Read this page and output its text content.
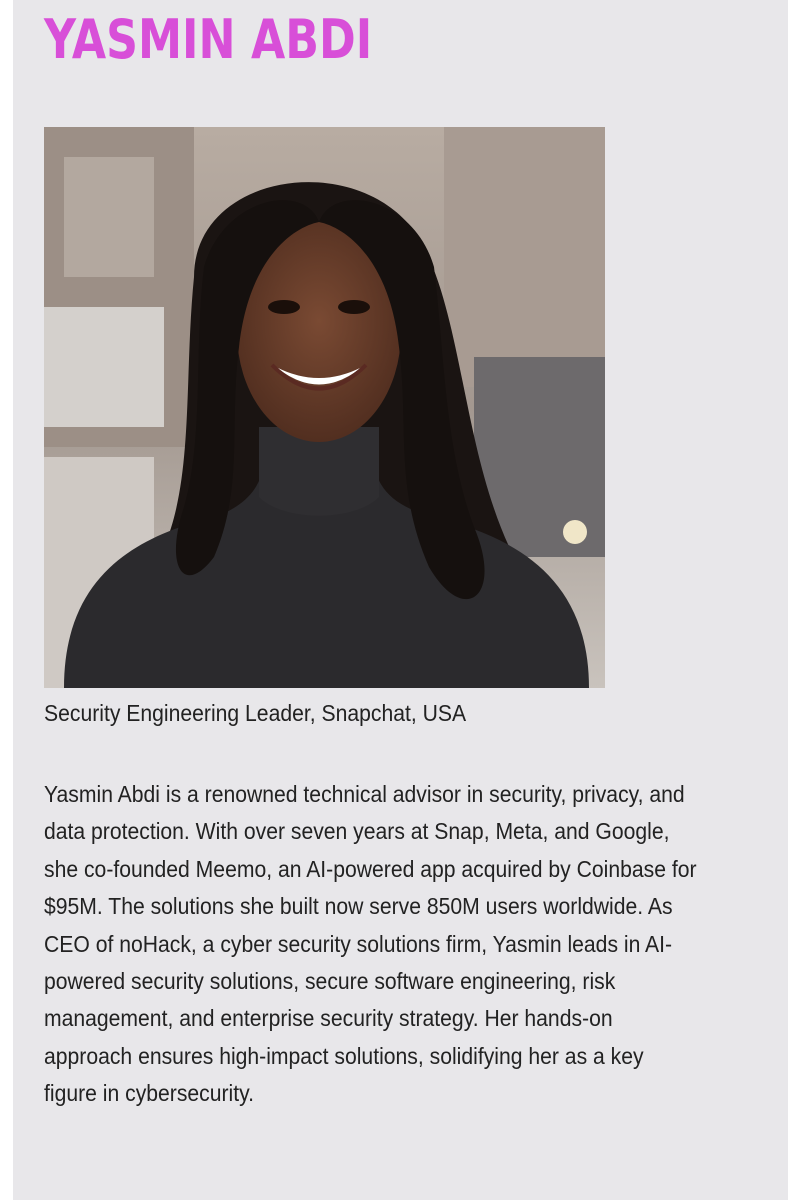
YASMIN ABDI

Security Engineering Leader, Snapchat, USA

Yasmin Abdi is a renowned technical advisor in security, privacy, and
data protection. With over seven years at Snap, Meta, and Google,
she co-founded Meemo, an AI-powered app acquired by Coinbase for
$95M. The solutions she built now serve 850M users worldwide. As
CEO of noHack, a cyber security solutions firm, Yasmin leads in AI-
powered security solutions, secure software engineering, risk
management, and enterprise security strategy. Her hands-on
approach ensures high-impact solutions, solidifying her as a key
figure in cybersecurity.
